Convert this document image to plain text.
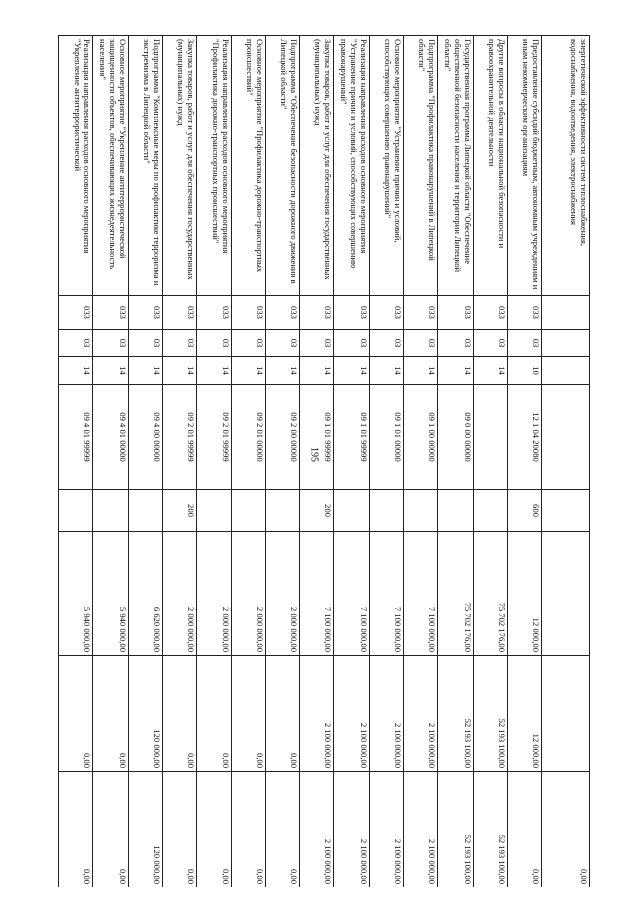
195
энергетической эффективности систем теплоснабжения, водоснабжения, водоотведения, электроснабжения								0,00
Предоставление субсидий бюджетным, автономным учреждениям и иным некоммерческим организациям	033	03	10	12 1 04 20080	600	12 000,00	12 000,00	0,00
Другие вопросы в области национальной безопасности и правоохранительной деятельности	033	03	14			75 702 176,00	52 193 100,00	52 193 100,00
Государственная программа Липецкой области "Обеспечение общественной безопасности населения и территории Липецкой области"	033	03	14	09 0 00 00000		75 702 176,00	52 193 100,00	52 193 100,00
Подпрограмма "Профилактика правонарушений в Липецкой области"	033	03	14	09 1 00 00000		7 100 000,00	2 100 000,00	2 100 000,00
Основное мероприятие "Устранение причин и условий, способствующих совершению правонарушений"	033	03	14	09 1 01 00000		7 100 000,00	2 100 000,00	2 100 000,00
Реализация направления расходов основного мероприятия "Устранение причин и условий, способствующих совершению правонарушений"	033	03	14	09 1 01 99999		7 100 000,00	2 100 000,00	2 100 000,00
Закупка товаров, работ и услуг для обеспечения государственных (муниципальных) нужд	033	03	14	09 1 01 99999	200	7 100 000,00	2 100 000,00	2 100 000,00
Подпрограмма "Обеспечение безопасности дорожного движения в Липецкой области"	033	03	14	09 2 00 00000		2 000 000,00	0,00	0,00
Основное мероприятие "Профилактика дорожно-транспортных происшествий"	033	03	14	09 2 01 00000		2 000 000,00	0,00	0,00
Реализация направления расходов основного мероприятия "Профилактика дорожно-транспортных происшествий"	033	03	14	09 2 01 99999		2 000 000,00	0,00	0,00
Закупка товаров, работ и услуг для обеспечения государственных (муниципальных) нужд	033	03	14	09 2 01 99999	200	2 000 000,00	0,00	0,00
Подпрограмма "Комплексные меры по профилактике терроризма и экстремизма в Липецкой области"	033	03	14	09 4 00 00000		6 620 000,00	120 000,00	120 000,00
Основное мероприятие "Укрепление антитеррористической защищенности объектов, обеспечивающих жизнедеятельность населения"	033	03	14	09 4 01 00000		5 940 000,00	0,00	0,00
Реализация направления расходов основного мероприятия "Укрепление антитеррористической	033	03	14	09 4 01 99999		5 940 000,00	0,00	0,00
